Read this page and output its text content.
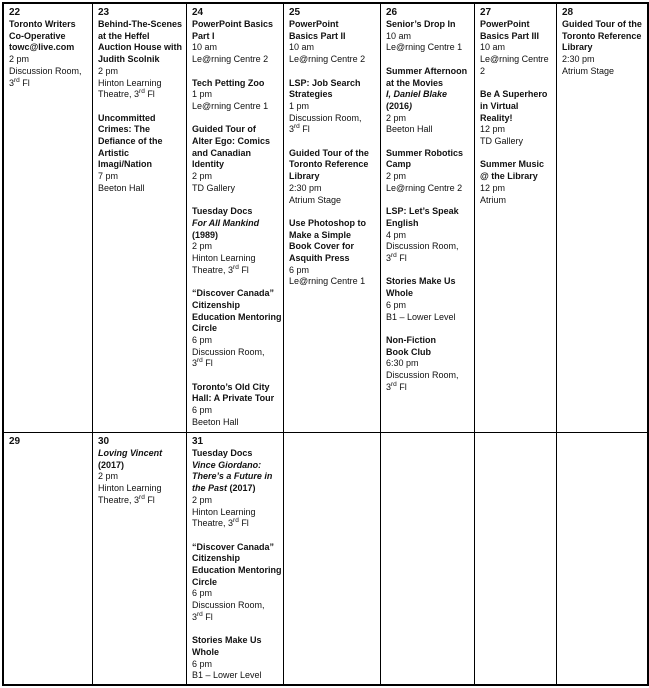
22
Toronto Writers
Co-Operative
towc@live.com
2 pm
Discussion Room,
3rd Fl
23
Behind-The-Scenes
at the Heffel
Auction House with
Judith Scolnik
2 pm
Hinton Learning
Theatre, 3rd Fl
Uncommitted
Crimes: The
Defiance of the
Artistic
Imagi/Nation
7 pm
Beeton Hall
24
PowerPoint Basics
Part I
10 am
Le@rning Centre 2
Tech Petting Zoo
1 pm
Le@rning Centre 1
Guided Tour of
Alter Ego: Comics
and Canadian
Identity
2 pm
TD Gallery
Tuesday Docs
For All Mankind
(1989)
2 pm
Hinton Learning
Theatre, 3rd Fl
“Discover Canada”
Citizenship
Education Mentoring
Circle
6 pm
Discussion Room,
3rd Fl
Toronto’s Old City
Hall: A Private Tour
6 pm
Beeton Hall
25
PowerPoint
Basics Part II
10 am
Le@rning Centre 2
LSP: Job Search
Strategies
1 pm
Discussion Room,
3rd Fl
Guided Tour of the
Toronto Reference
Library
2:30 pm
Atrium Stage
Use Photoshop to
Make a Simple
Book Cover for
Asquith Press
6 pm
Le@rning Centre 1
26
Senior’s Drop In
10 am
Le@rning Centre 1
Summer Afternoon
at the Movies
I, Daniel Blake
(2016)
2 pm
Beeton Hall
Summer Robotics
Camp
2 pm
Le@rning Centre 2
LSP: Let’s Speak
English
4 pm
Discussion Room,
3rd Fl
Stories Make Us
Whole
6 pm
B1 – Lower Level
Non-Fiction
Book Club
6:30 pm
Discussion Room,
3rd Fl
27
PowerPoint
Basics Part III
10 am
Le@rning Centre
2
Be A Superhero
in Virtual
Reality!
12 pm
TD Gallery
Summer Music
@ the Library
12 pm
Atrium
28
Guided Tour of the
Toronto Reference
Library
2:30 pm
Atrium Stage
29	30
Loving Vincent
(2017)
2 pm
Hinton Learning
Theatre, 3rd Fl
31
Tuesday Docs
Vince Giordano:
There’s a Future in
the Past (2017)
2 pm
Hinton Learning
Theatre, 3rd Fl
“Discover Canada”
Citizenship
Education Mentoring
Circle
6 pm
Discussion Room,
3rd Fl
Stories Make Us
Whole
6 pm
B1 – Lower Level
